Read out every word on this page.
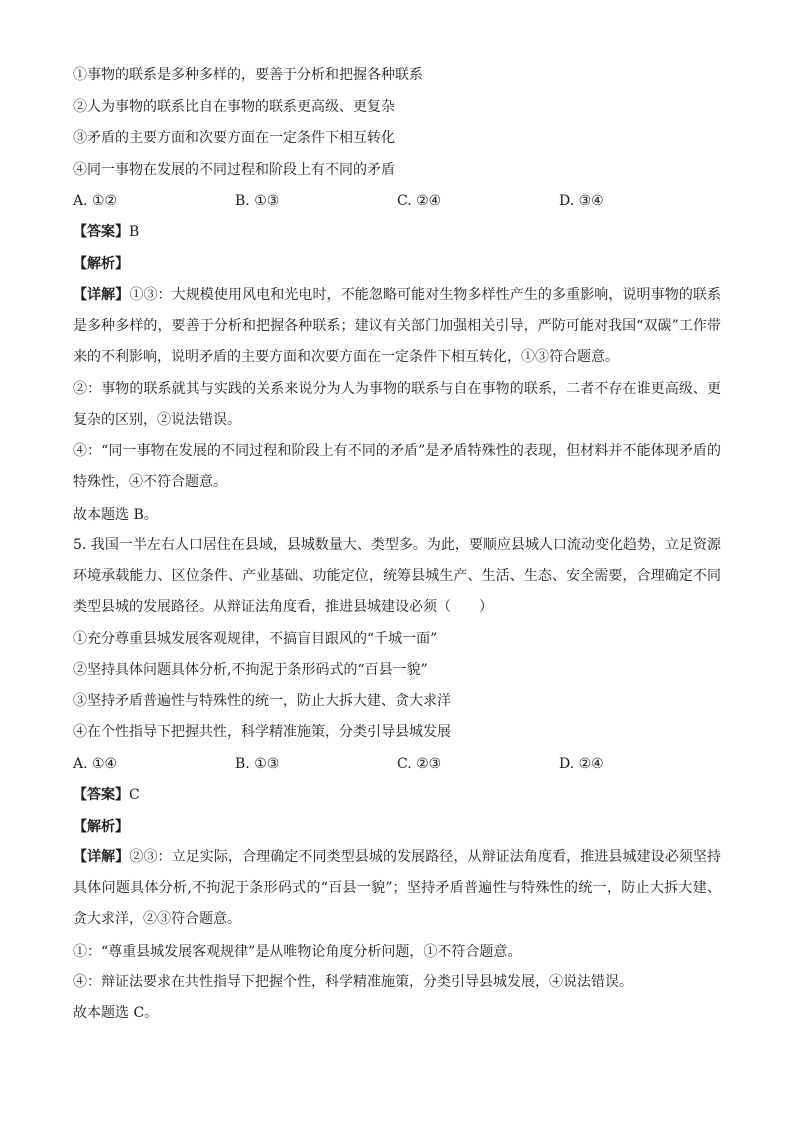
①事物的联系是多种多样的，要善于分析和把握各种联系
②人为事物的联系比自在事物的联系更高级、更复杂
③矛盾的主要方面和次要方面在一定条件下相互转化
④同一事物在发展的不同过程和阶段上有不同的矛盾
A. ①②	B. ①③	C. ②④	D. ③④
【答案】B
【解析】
【详解】①③：大规模使用风电和光电时，不能忽略可能对生物多样性产生的多重影响，说明事物的联系是多种多样的，要善于分析和把握各种联系；建议有关部门加强相关引导，严防可能对我国“双碳”工作带来的不利影响，说明矛盾的主要方面和次要方面在一定条件下相互转化，①③符合题意。
②：事物的联系就其与实践的关系来说分为人为事物的联系与自在事物的联系，二者不存在谁更高级、更复杂的区别，②说法错误。
④：“同一事物在发展的不同过程和阶段上有不同的矛盾”是矛盾特殊性的表现，但材料并不能体现矛盾的特殊性，④不符合题意。
故本题选 B。
5. 我国一半左右人口居住在县域，县城数量大、类型多。为此，要顺应县城人口流动变化趋势，立足资源环境承载能力、区位条件、产业基础、功能定位，统筹县城生产、生活、生态、安全需要，合理确定不同类型县城的发展路径。从辩证法角度看，推进县城建设必须（　　）
①充分尊重县城发展客观规律，不搞盲目跟风的“千城一面”
②坚持具体问题具体分析,不拘泥于条形码式的“百县一貌”
③坚持矛盾普遍性与特殊性的统一，防止大拆大建、贪大求洋
④在个性指导下把握共性，科学精准施策，分类引导县城发展
A. ①④	B. ①③	C. ②③	D. ②④
【答案】C
【解析】
【详解】②③：立足实际，合理确定不同类型县城的发展路径，从辩证法角度看，推进县城建设必须坚持具体问题具体分析,不拘泥于条形码式的“百县一貌”；坚持矛盾普遍性与特殊性的统一，防止大拆大建、贪大求洋，②③符合题意。
①：“尊重县城发展客观规律”是从唯物论角度分析问题，①不符合题意。
④：辩证法要求在共性指导下把握个性，科学精准施策，分类引导县城发展，④说法错误。
故本题选 C。
